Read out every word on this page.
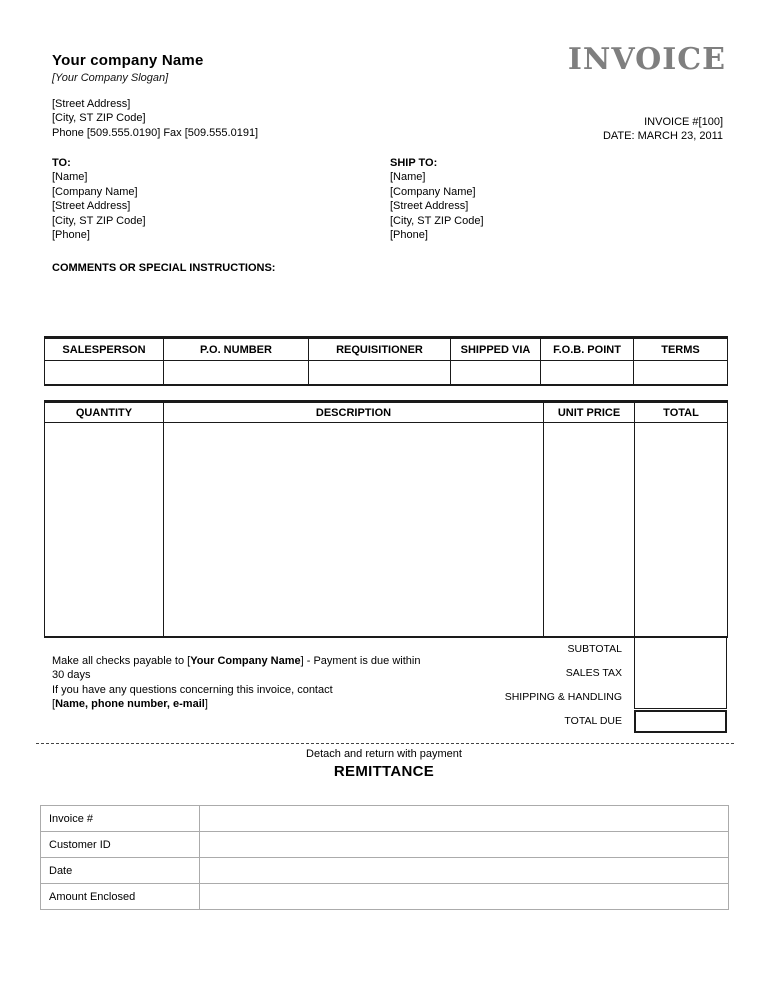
Your company Name
[Your Company Slogan]
[Street Address]
[City, ST ZIP Code]
Phone [509.555.0190] Fax [509.555.0191]
INVOICE
INVOICE #[100]
DATE: MARCH 23, 2011
TO:
[Name]
[Company Name]
[Street Address]
[City, ST ZIP Code]
[Phone]
SHIP TO:
[Name]
[Company Name]
[Street Address]
[City, ST ZIP Code]
[Phone]
COMMENTS OR SPECIAL INSTRUCTIONS:
SALESPERSON	P.O. NUMBER	REQUISITIONER	SHIPPED VIA	F.O.B. POINT	TERMS

QUANTITY	DESCRIPTION	UNIT PRICE	TOTAL

Make all checks payable to [Your Company Name] - Payment is due within
30 days
If you have any questions concerning this invoice, contact
[Name, phone number, e-mail]
SUBTOTAL
SALES TAX
SHIPPING & HANDLING
TOTAL DUE
Detach and return with payment
REMITTANCE
Invoice #	
Customer ID	
Date	
Amount Enclosed	
